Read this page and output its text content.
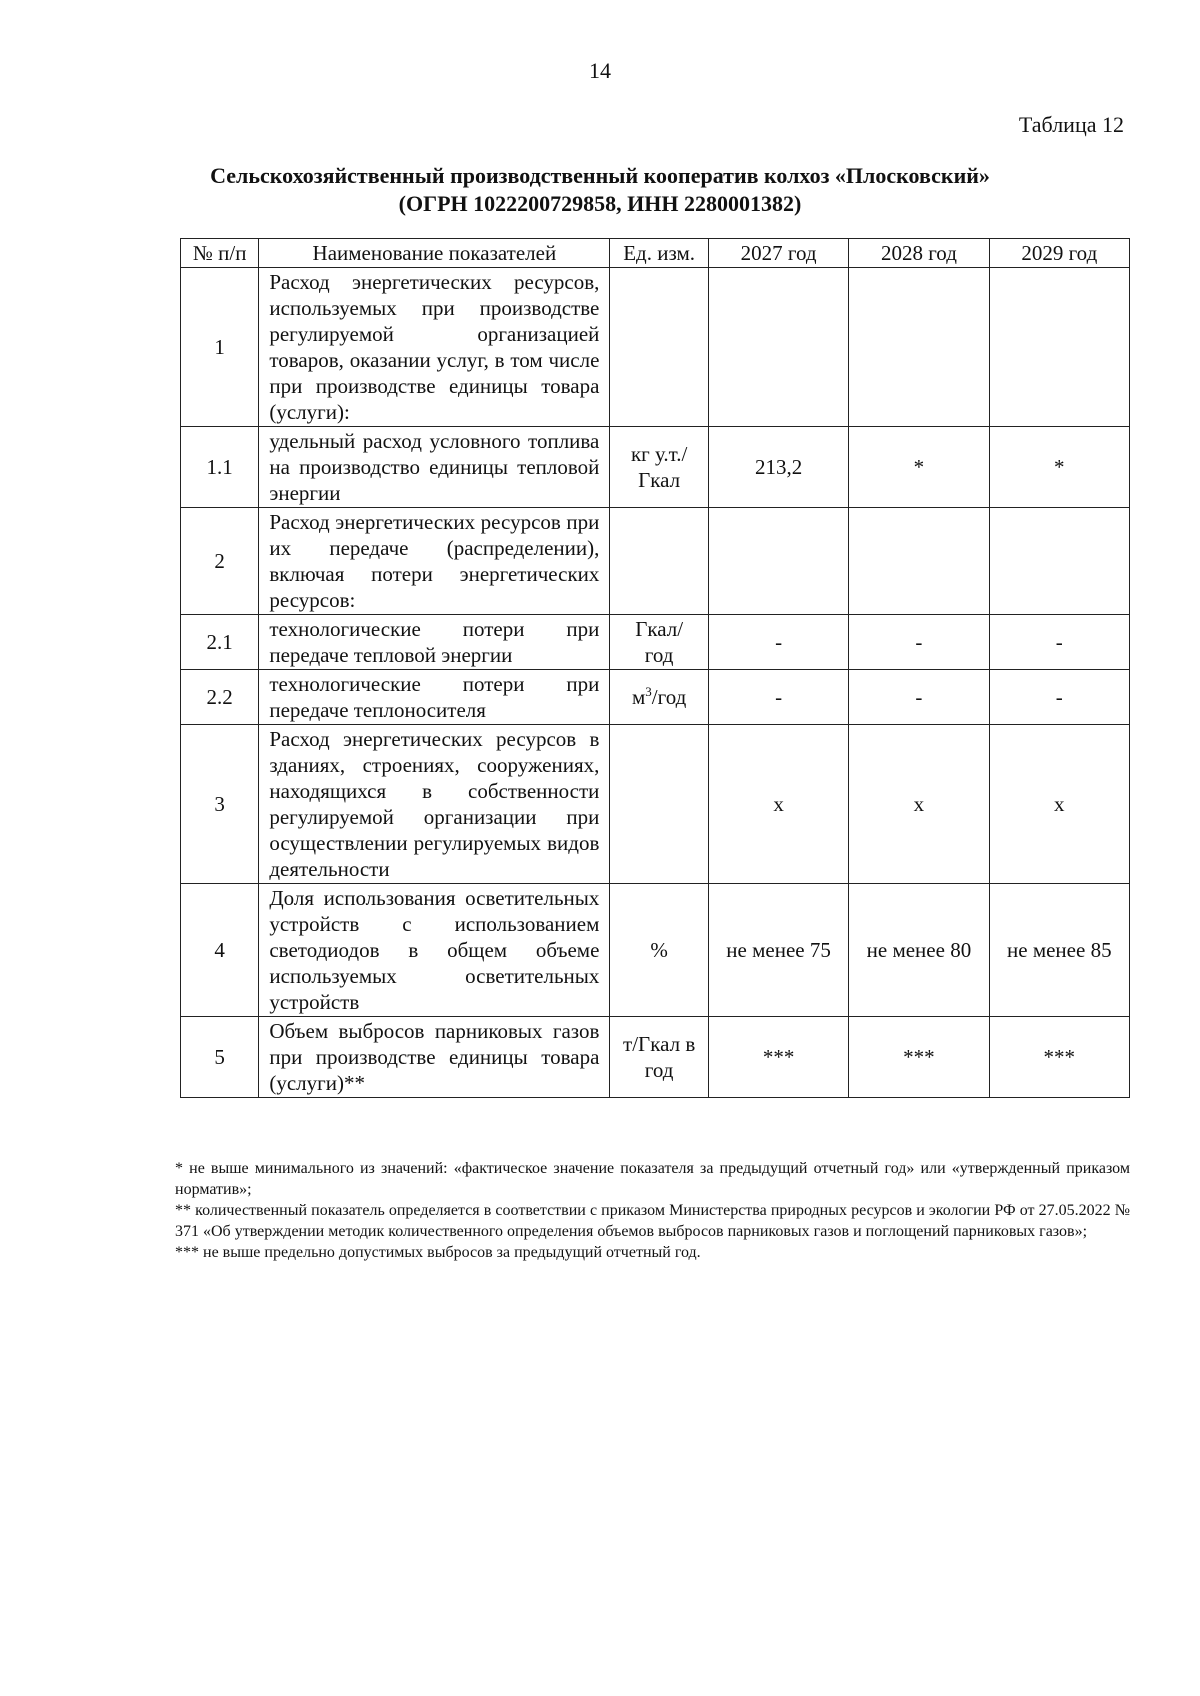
14
Таблица 12
Сельскохозяйственный производственный кооператив колхоз «Плосковский»
(ОГРН 1022200729858, ИНН 2280001382)
№ п/п	Наименование показателей	Ед. изм.	2027 год	2028 год	2029 год
1	Расход энергетических ресурсов, используемых при производстве регулируемой организацией товаров, оказании услуг, в том числе при производстве единицы товара (услуги):				
1.1	удельный расход условного топлива на производство единицы тепловой энергии	кг у.т./ Гкал	213,2	*	*
2	Расход энергетических ресурсов при их передаче (распределении), включая потери энергетических ресурсов:				
2.1	технологические потери при передаче тепловой энергии	Гкал/ год	-	-	-
2.2	технологические потери при передаче теплоносителя	$м^3$/год	-	-	-
3	Расход энергетических ресурсов в зданиях, строениях, сооружениях, находящихся в собственности регулируемой организации при осуществлении регулируемых видов деятельности		х	х	х
4	Доля использования осветительных устройств с использованием светодиодов в общем объеме используемых осветительных устройств	%	не менее 75	не менее 80	не менее 85
5	Объем выбросов парниковых газов при производстве единицы товара (услуги)**	т/Гкал в год	***	***	***

* не выше минимального из значений: «фактическое значение показателя за предыдущий отчетный год» или «утвержденный приказом норматив»;

** количественный показатель определяется в соответствии с приказом Министерства природных ресурсов и экологии РФ от 27.05.2022 № 371 «Об утверждении методик количественного определения объемов выбросов парниковых газов и поглощений парниковых газов»;

*** не выше предельно допустимых выбросов за предыдущий отчетный год.
